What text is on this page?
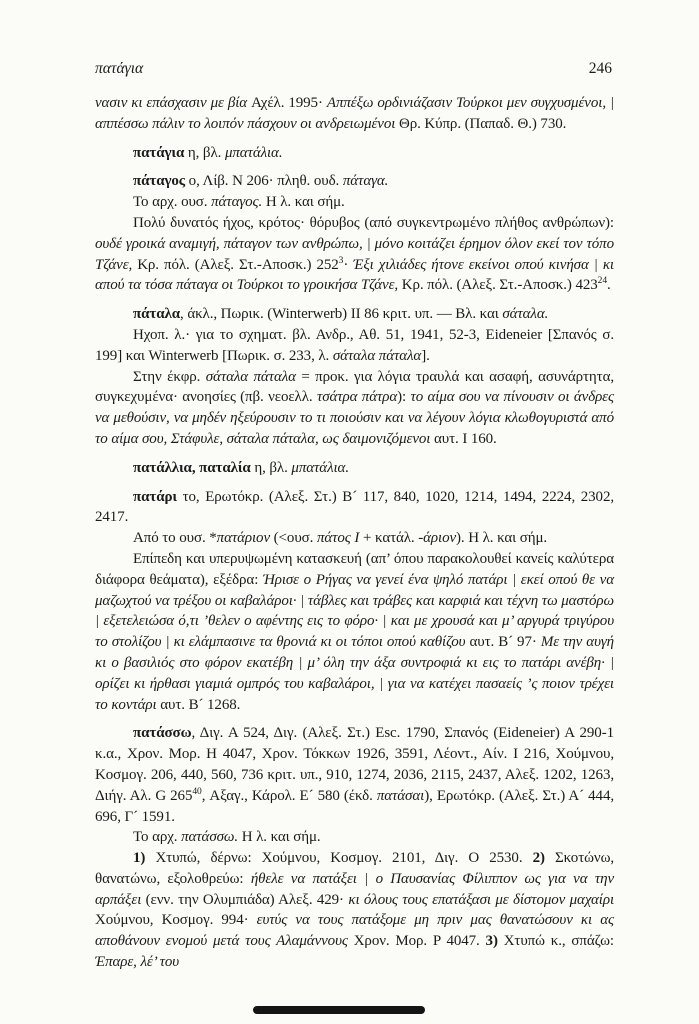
πατάγια	246

νασιν κι επάσχασιν με βία Αχέλ. 1995· Αππέξω ορδινιάζασιν Τούρκοι μεν συγχυσμένοι, | αππέσσω πάλιν το λοιπόν πάσχουν οι ανδρειωμένοι Θρ. Κύπρ. (Παπαδ. Θ.) 730.

πατάγια η, βλ. μπατάλια.

πάταγος ο, Λίβ. Ν 206· πληθ. ουδ. πάταγα.

Το αρχ. ουσ. πάταγος. Η λ. και σήμ.

Πολύ δυνατός ήχος, κρότος· θόρυβος (από συγκεντρωμένο πλήθος ανθρώπων): ουδέ γροικά αναμιγή, πάταγον των ανθρώπω, | μόνο κοιτάζει έρημον όλον εκεί τον τόπο Τζάνε, Κρ. πόλ. (Αλεξ. Στ.-Αποσκ.) $252^3\cdot Έ\xi\iota$ χιλιάδες ήτονε εκείνοι οπού κινήσα | κι απού τα τόσα πάταγα οι Τούρκοι το γροικήσα Τζάνε, Κρ. πόλ. (Αλεξ. Στ.-Αποσκ.) $423^{24}$.

πάταλα, άκλ., Πωρικ. (Winterwerb) II 86 κριτ. υπ. — Βλ. και σάταλα.

Ηχοπ. λ.· για το σχηματ. βλ. Ανδρ., Αθ. 51, 1941, 52-3, Eideneier [Σπανός σ. 199] και Winterwerb [Πωρικ. σ. 233, λ. σάταλα πάταλα].

Στην έκφρ. σάταλα πάταλα = προκ. για λόγια τραυλά και ασαφή, ασυνάρτητα, συγκεχυμένα· ανοησίες (πβ. νεοελλ. τσάτρα πάτρα): το αίμα σου να πίνουσιν οι άνδρες να μεθούσιν, να μηδέν ηξεύρουσιν το τι ποιούσιν και να λέγουν λόγια κλωθογυριστά από το αίμα σου, Στάφυλε, σάταλα πάταλα, ως δαιμονιζόμενοι αυτ. I 160.

πατάλλια, παταλία η, βλ. μπατάλια.

πατάρι το, Ερωτόκρ. (Αλεξ. Στ.) Β´ 117, 840, 1020, 1214, 1494, 2224, 2302, 2417.

Από το ουσ. *πατάριον (<ουσ. πάτος Ι + κατάλ. -άριον). Η λ. και σήμ.

Επίπεδη και υπερυψωμένη κατασκευή (απ’ όπου παρακολουθεί κανείς καλύτερα διάφορα θεάματα), εξέδρα: Ήρισε ο Ρήγας να γενεί ένα ψηλό πατάρι | εκεί οπού θε να μαζωχτού να τρέξου οι καβαλάροι· | τάβλες και τράβες και καρφιά και τέχνη τω μαστόρω | εξετελειώσα ό,τι ’θελεν ο αφέντης εις το φόρο· | και με χρουσά και μ’ αργυρά τριγύρου το στολίζου | κι ελάμπασινε τα θρονιά κι οι τόποι οπού καθίζου αυτ. Β´ 97· Με την αυγή κι ο βασιλιός στο φόρον εκατέβη | μ’ όλη την άξα συντροφιά κι εις το πατάρι ανέβη· | ορίζει κι ήρθασι γιαμιά ομπρός του καβαλάροι, | για να κατέχει πασαείς ’ς ποιον τρέχει το κοντάρι αυτ. Β´ 1268.

πατάσσω, Διγ. Α 524, Διγ. (Αλεξ. Στ.) Esc. 1790, Σπανός (Eideneier) Α 290-1 κ.α., Χρον. Μορ. Η 4047, Χρον. Τόκκων 1926, 3591, Λέοντ., Αίν. Ι 216, Χούμνου, Κοσμογ. 206, 440, 560, 736 κριτ. υπ., 910, 1274, 2036, 2115, 2437, Αλεξ. 1202, 1263, Διήγ. Αλ. G $265^{40}$, Αξαγ., Κάρολ. Ε´ 580 (έκδ. πατάσαι), Ερωτόκρ. (Αλεξ. Στ.) Α´ 444, 696, Γ´ 1591.

Το αρχ. πατάσσω. Η λ. και σήμ.

1) Χτυπώ, δέρνω: Χούμνου, Κοσμογ. 2101, Διγ. Ο 2530. 2) Σκοτώνω, θανατώνω, εξολοθρεύω: ήθελε να πατάξει | ο Παυσανίας Φίλιππον ως για να την αρπάξει (ενν. την Ολυμπιάδα) Αλεξ. 429· κι όλους τους επατάξασι με δίστομον μαχαίρι Χούμνου, Κοσμογ. 994· ευτύς να τους πατάξομε μη πριν μας θανατώσουν κι ας αποθάνουν ενομού μετά τους Αλαμάννους Χρον. Μορ. P 4047. 3) Χτυπώ κ., σπάζω: Έπαρε, λέ’ του
